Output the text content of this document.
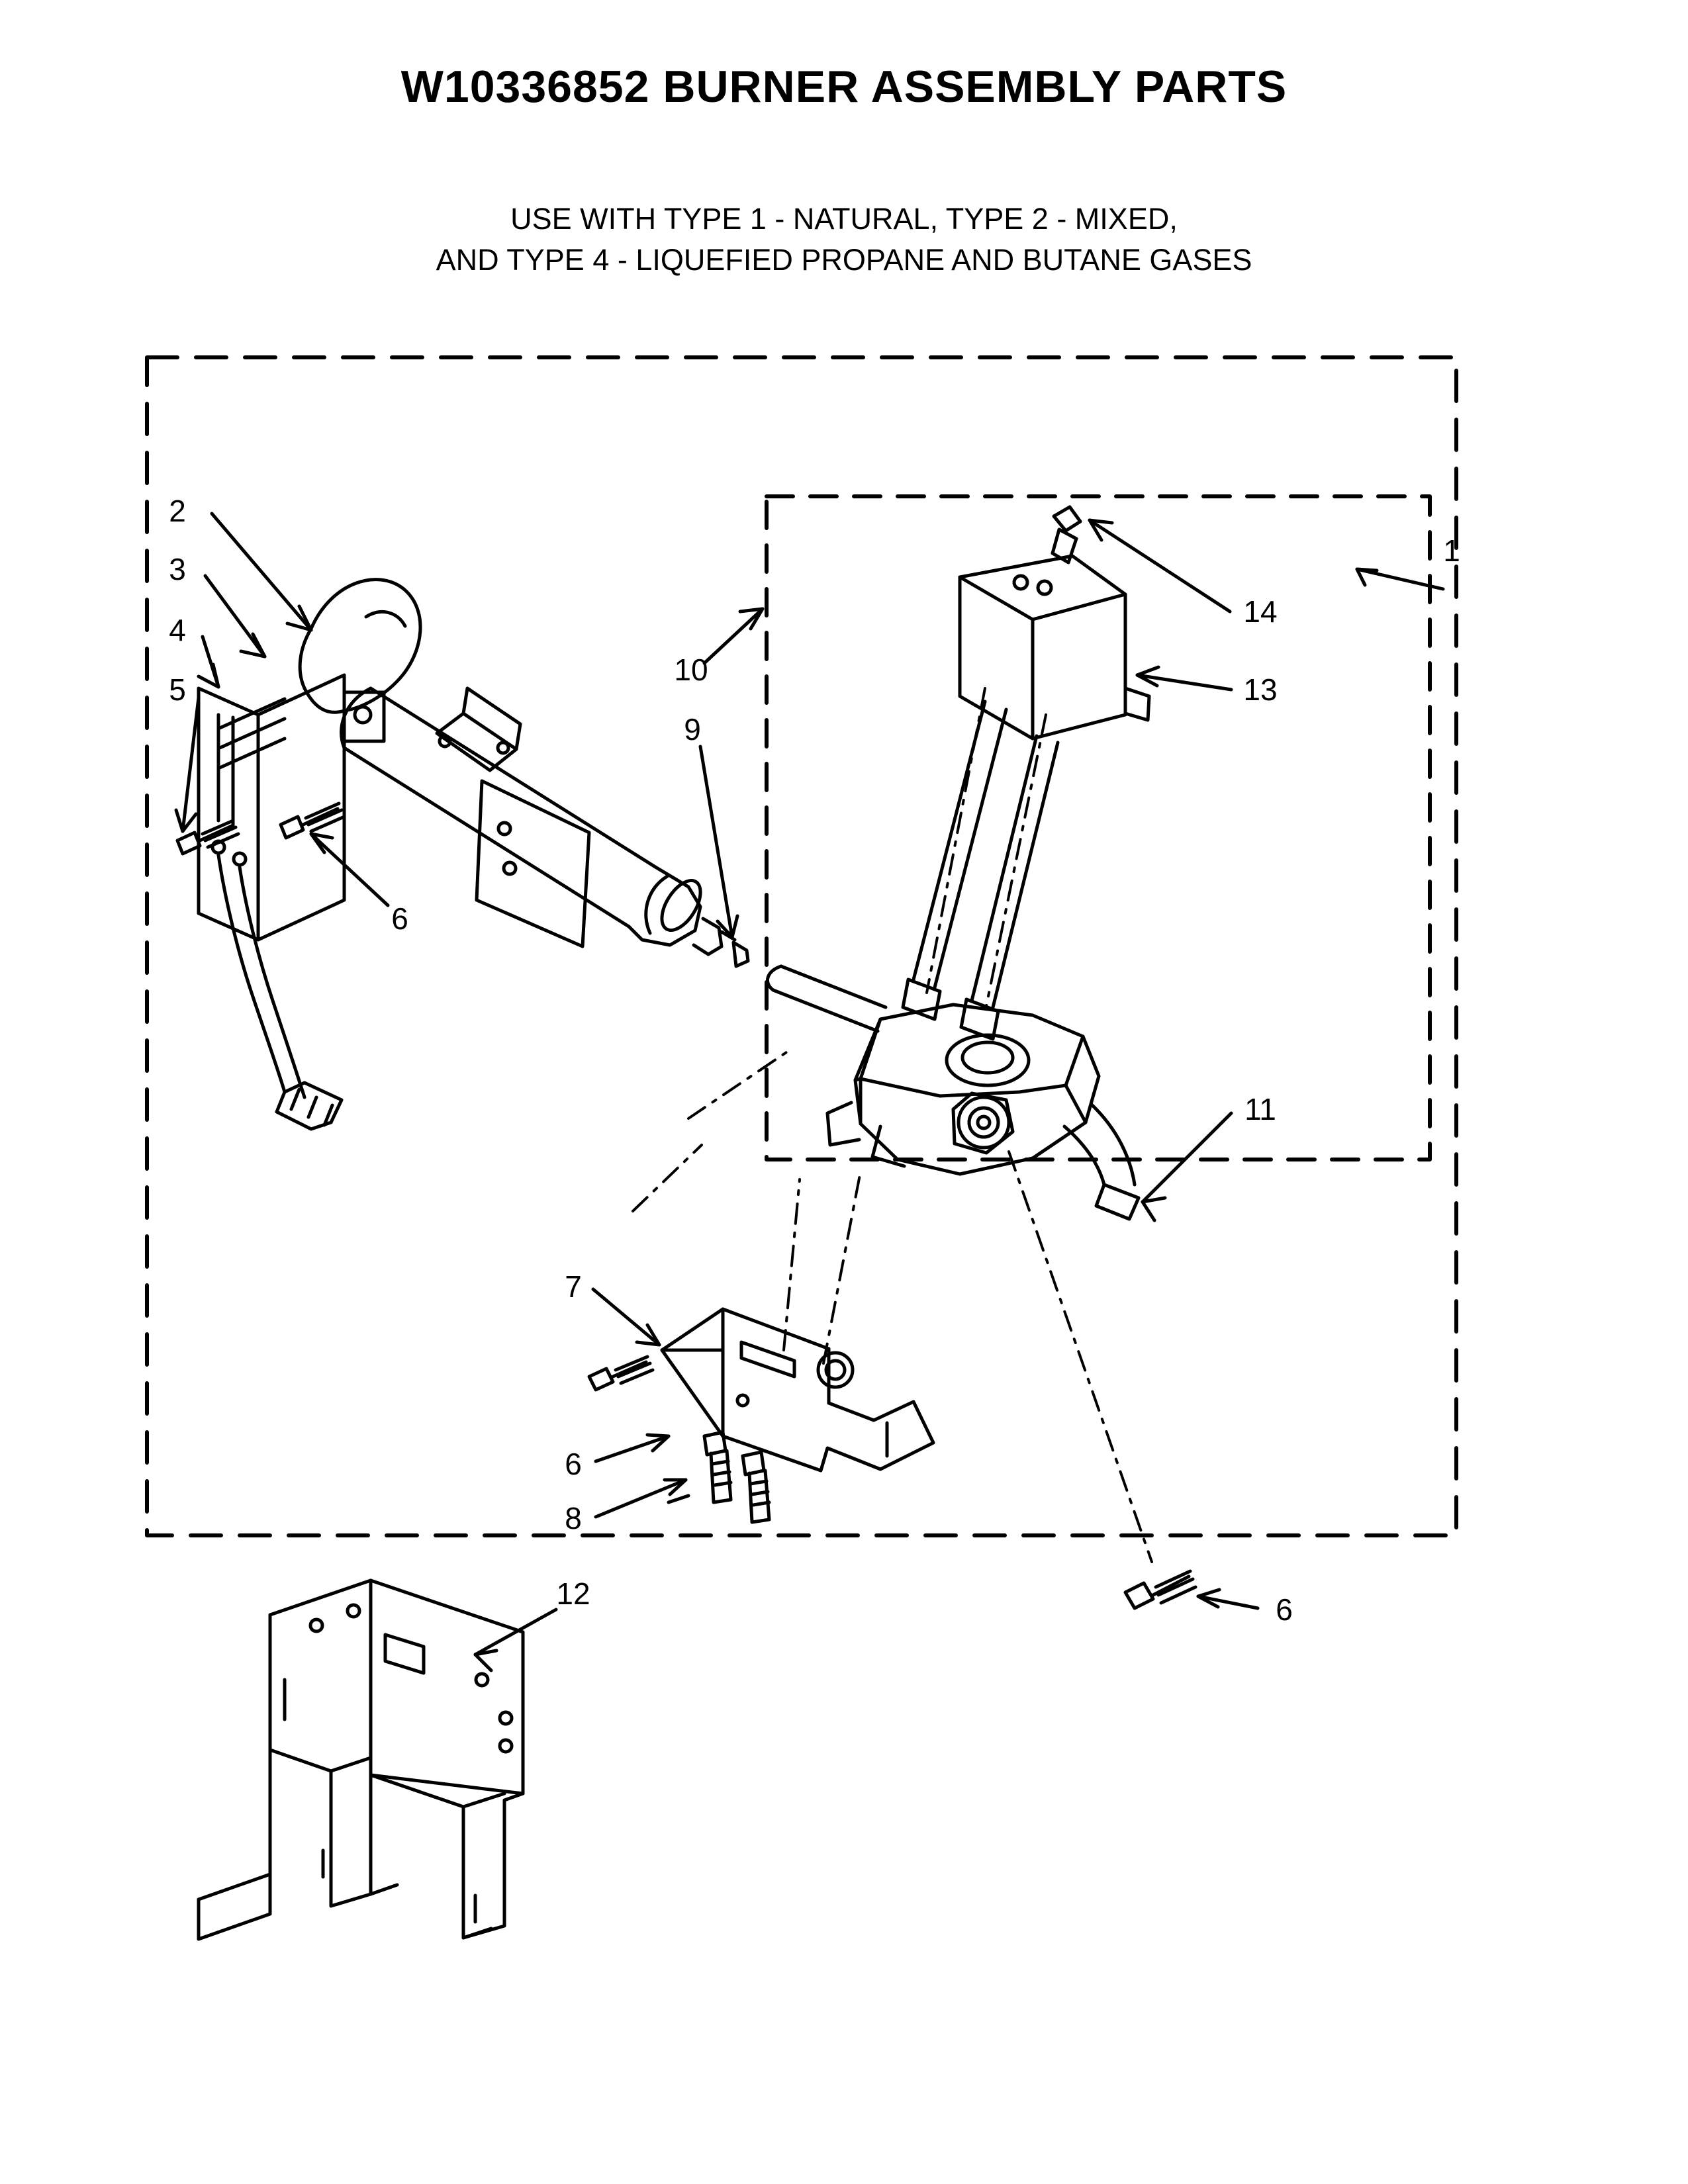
W10336852 BURNER ASSEMBLY PARTS
USE WITH TYPE 1 - NATURAL, TYPE 2 - MIXED,
AND TYPE 4 - LIQUEFIED PROPANE AND BUTANE GASES
1
2
3
4
5
6
7
6
8
9
10
11
12
13
14
6
